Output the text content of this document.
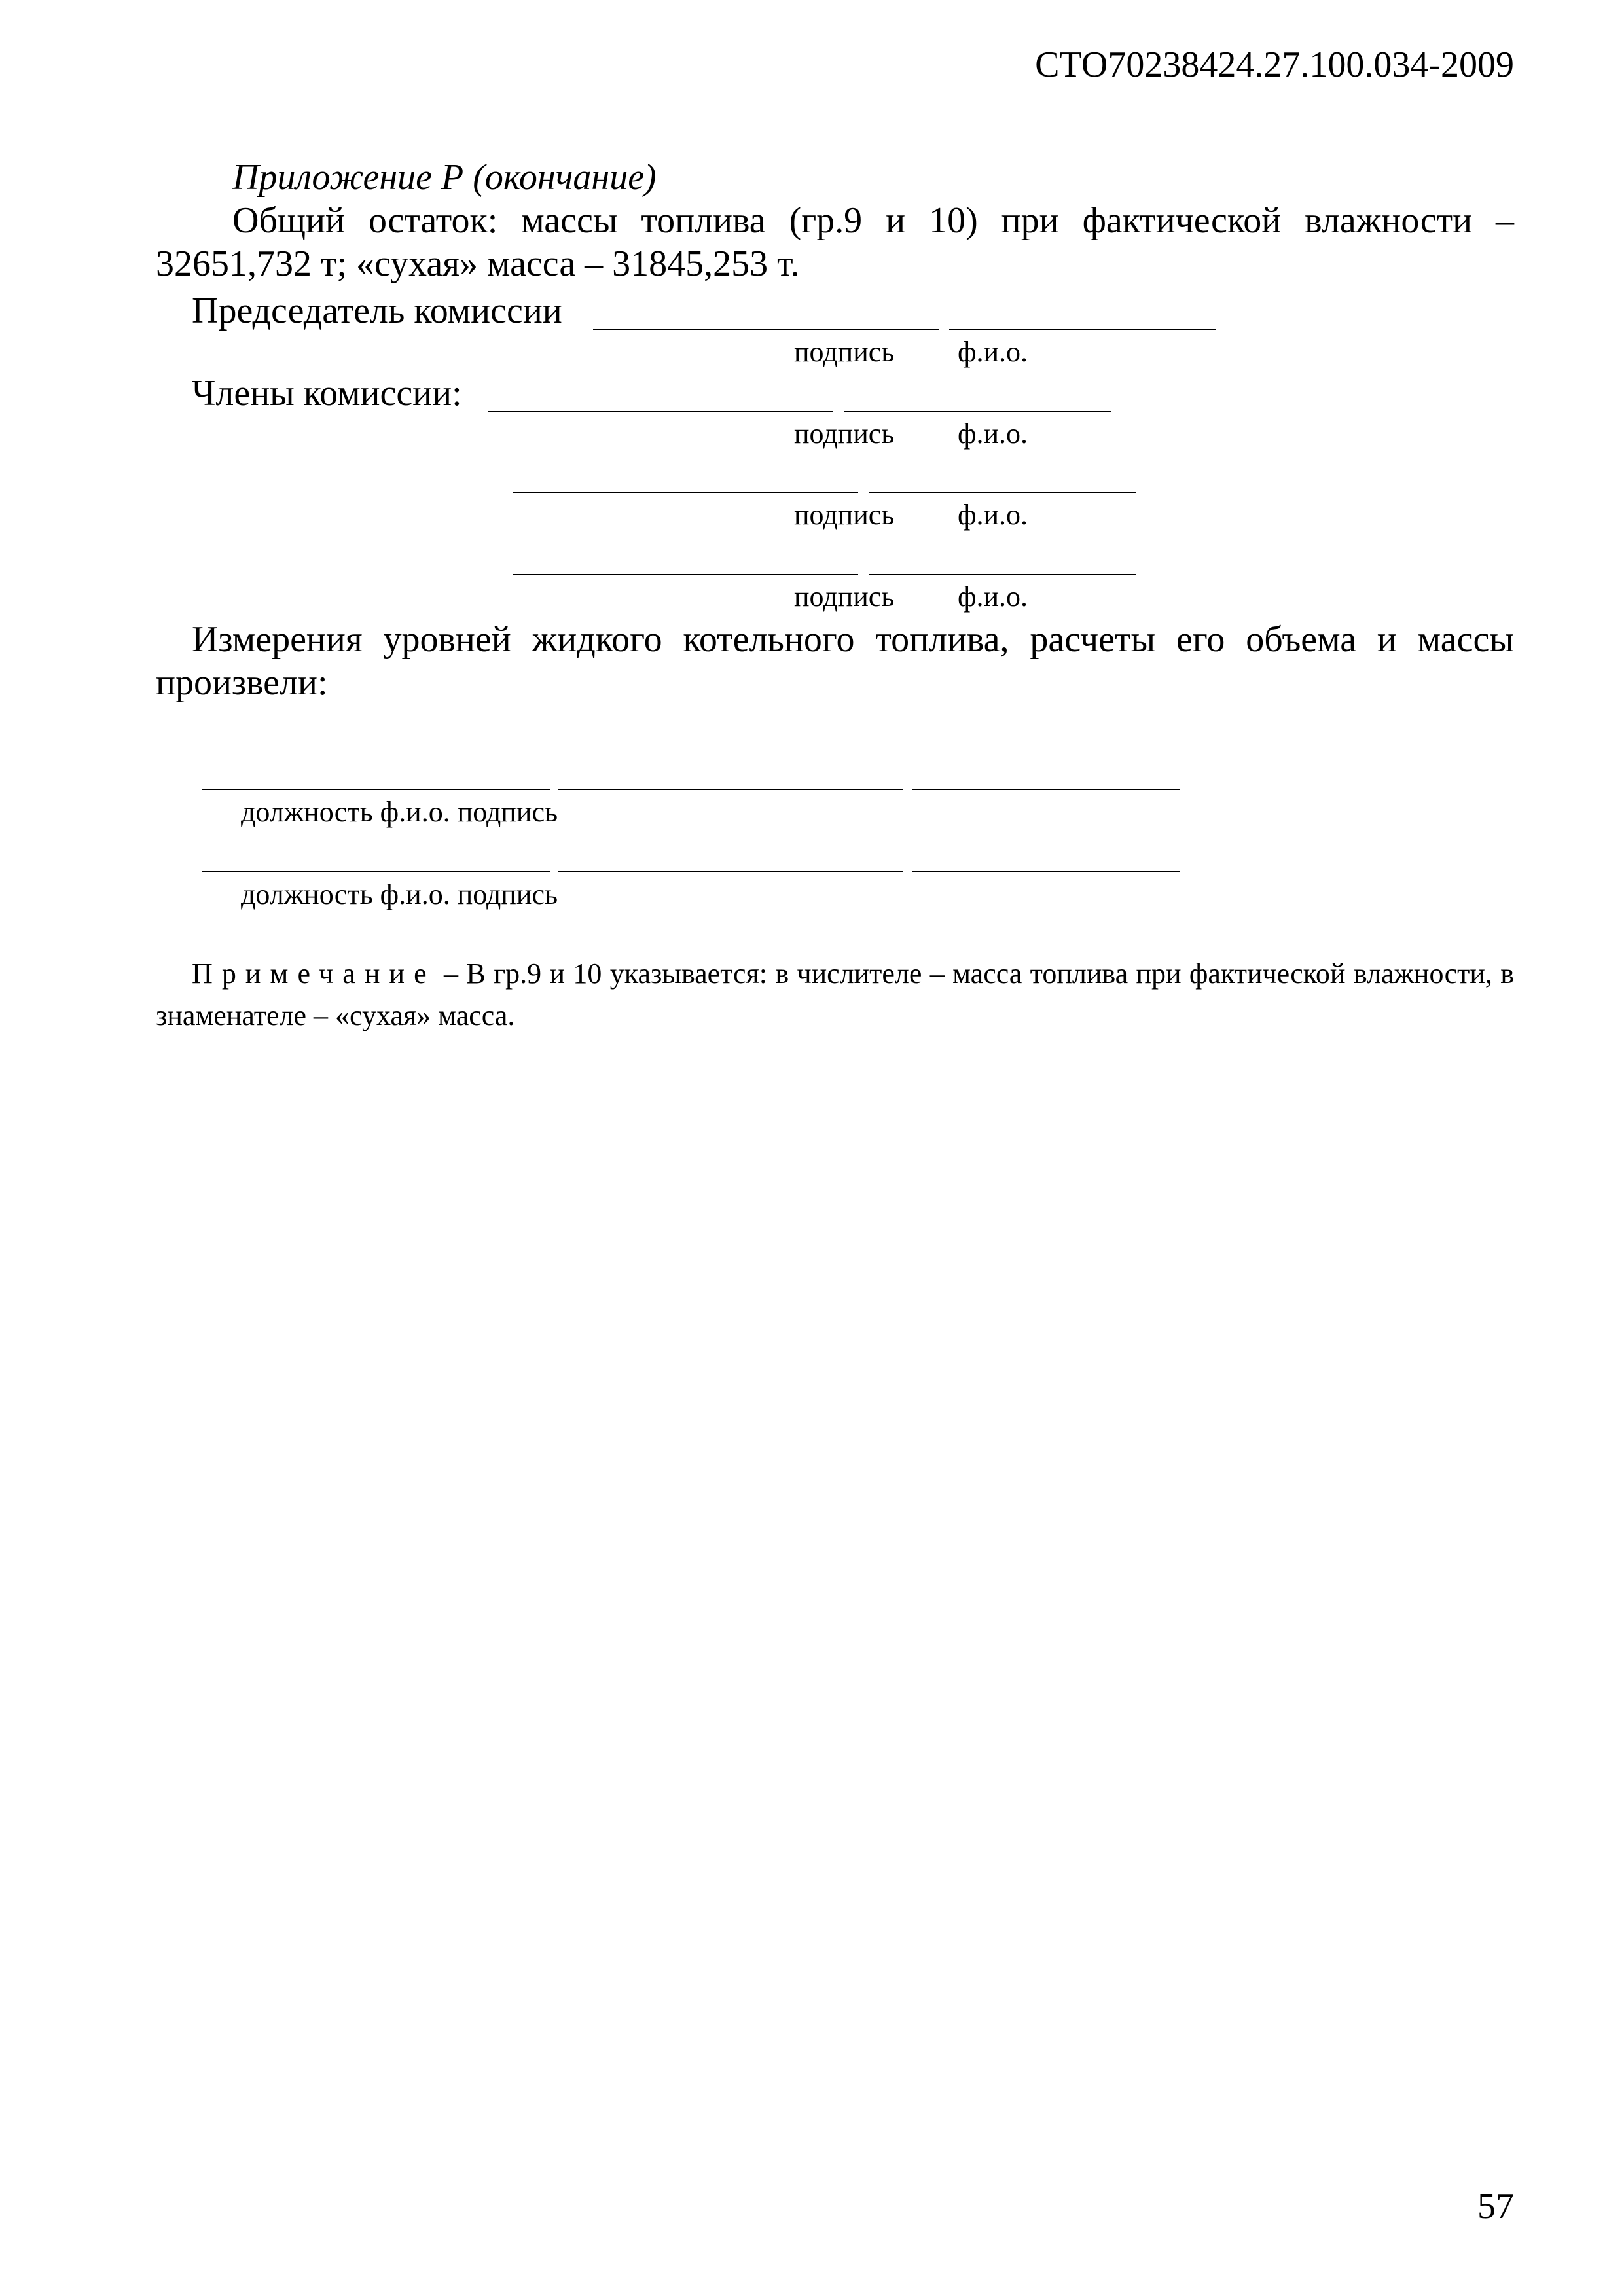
СТО70238424.27.100.034-2009
Приложение Р (окончание)
Общий остаток: массы топлива (гр.9 и 10) при фактической влажности – 32651,732 т; «сухая» масса – 31845,253 т.
Председатель комиссии
подпись ф.и.о.
Члены комиссии:
подпись ф.и.о.
подпись ф.и.о.
подпись ф.и.о.
Измерения уровней жидкого котельного топлива, расчеты его объема и массы произвели:
должность ф.и.о. подпись
должность ф.и.о. подпись
Примечание – В гр.9 и 10 указывается: в числителе – масса топлива при фактической влажности, в знаменателе – «сухая» масса.
57
